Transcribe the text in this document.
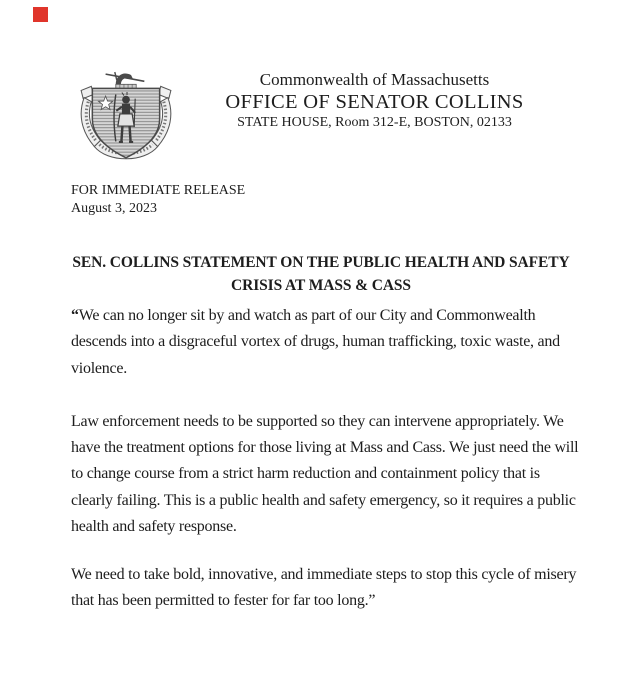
Commonwealth of Massachusetts
OFFICE OF SENATOR COLLINS
STATE HOUSE, Room 312-E, BOSTON, 02133
FOR IMMEDIATE RELEASE
August 3, 2023
SEN. COLLINS STATEMENT ON THE PUBLIC HEALTH AND SAFETY
CRISIS AT MASS & CASS
“We can no longer sit by and watch as part of our City and Commonwealth
descends into a disgraceful vortex of drugs, human trafficking, toxic waste, and
violence.
Law enforcement needs to be supported so they can intervene appropriately. We
have the treatment options for those living at Mass and Cass. We just need the will
to change course from a strict harm reduction and containment policy that is
clearly failing. This is a public health and safety emergency, so it requires a public
health and safety response.
We need to take bold, innovative, and immediate steps to stop this cycle of misery
that has been permitted to fester for far too long.”
